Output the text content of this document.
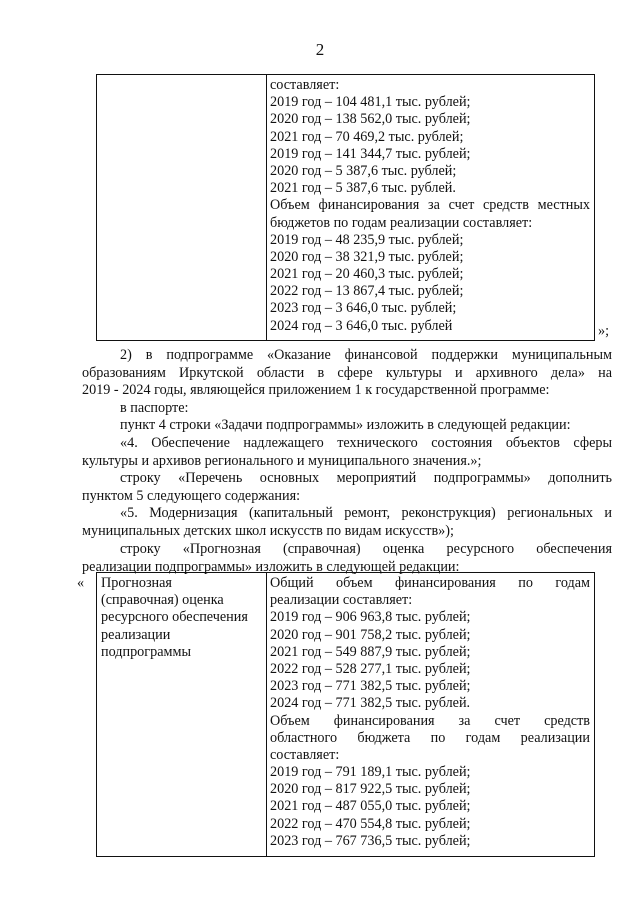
2
составляет:
2019 год – 104 481,1 тыс. рублей;
2020 год – 138 562,0 тыс. рублей;
2021 год – 70 469,2 тыс. рублей;
2019 год – 141 344,7 тыс. рублей;
2020 год – 5 387,6 тыс. рублей;
2021 год – 5 387,6 тыс. рублей.
Объем финансирования за счет средств местных
бюджетов по годам реализации составляет:
2019 год – 48 235,9 тыс. рублей;
2020 год – 38 321,9 тыс. рублей;
2021 год – 20 460,3 тыс. рублей;
2022 год – 13 867,4 тыс. рублей;
2023 год – 3 646,0 тыс. рублей;
2024 год – 3 646,0 тыс. рублей	»;
2) в подпрограмме «Оказание финансовой поддержки муниципальным
образованиям Иркутской области в сфере культуры и архивного дела» на
2019 - 2024 годы, являющейся приложением 1 к государственной программе:
в паспорте:
пункт 4 строки «Задачи подпрограммы» изложить в следующей редакции:
«4. Обеспечение надлежащего технического состояния объектов сферы
культуры и архивов регионального и муниципального значения.»;
строку «Перечень основных мероприятий подпрограммы» дополнить
пунктом 5 следующего содержания:
«5. Модернизация (капитальный ремонт, реконструкция) региональных и
муниципальных детских школ искусств по видам искусств»);
строку «Прогнозная (справочная) оценка ресурсного обеспечения
реализации подпрограммы» изложить в следующей редакции:
« Прогнозная
(справочная) оценка
ресурсного обеспечения
реализации
подпрограммы
Общий объем финансирования по годам
реализации составляет:
2019 год – 906 963,8 тыс. рублей;
2020 год – 901 758,2 тыс. рублей;
2021 год – 549 887,9 тыс. рублей;
2022 год – 528 277,1 тыс. рублей;
2023 год – 771 382,5 тыс. рублей;
2024 год – 771 382,5 тыс. рублей.
Объем финансирования за счет средств
областного бюджета по годам реализации
составляет:
2019 год – 791 189,1 тыс. рублей;
2020 год – 817 922,5 тыс. рублей;
2021 год – 487 055,0 тыс. рублей;
2022 год – 470 554,8 тыс. рублей;
2023 год – 767 736,5 тыс. рублей;
